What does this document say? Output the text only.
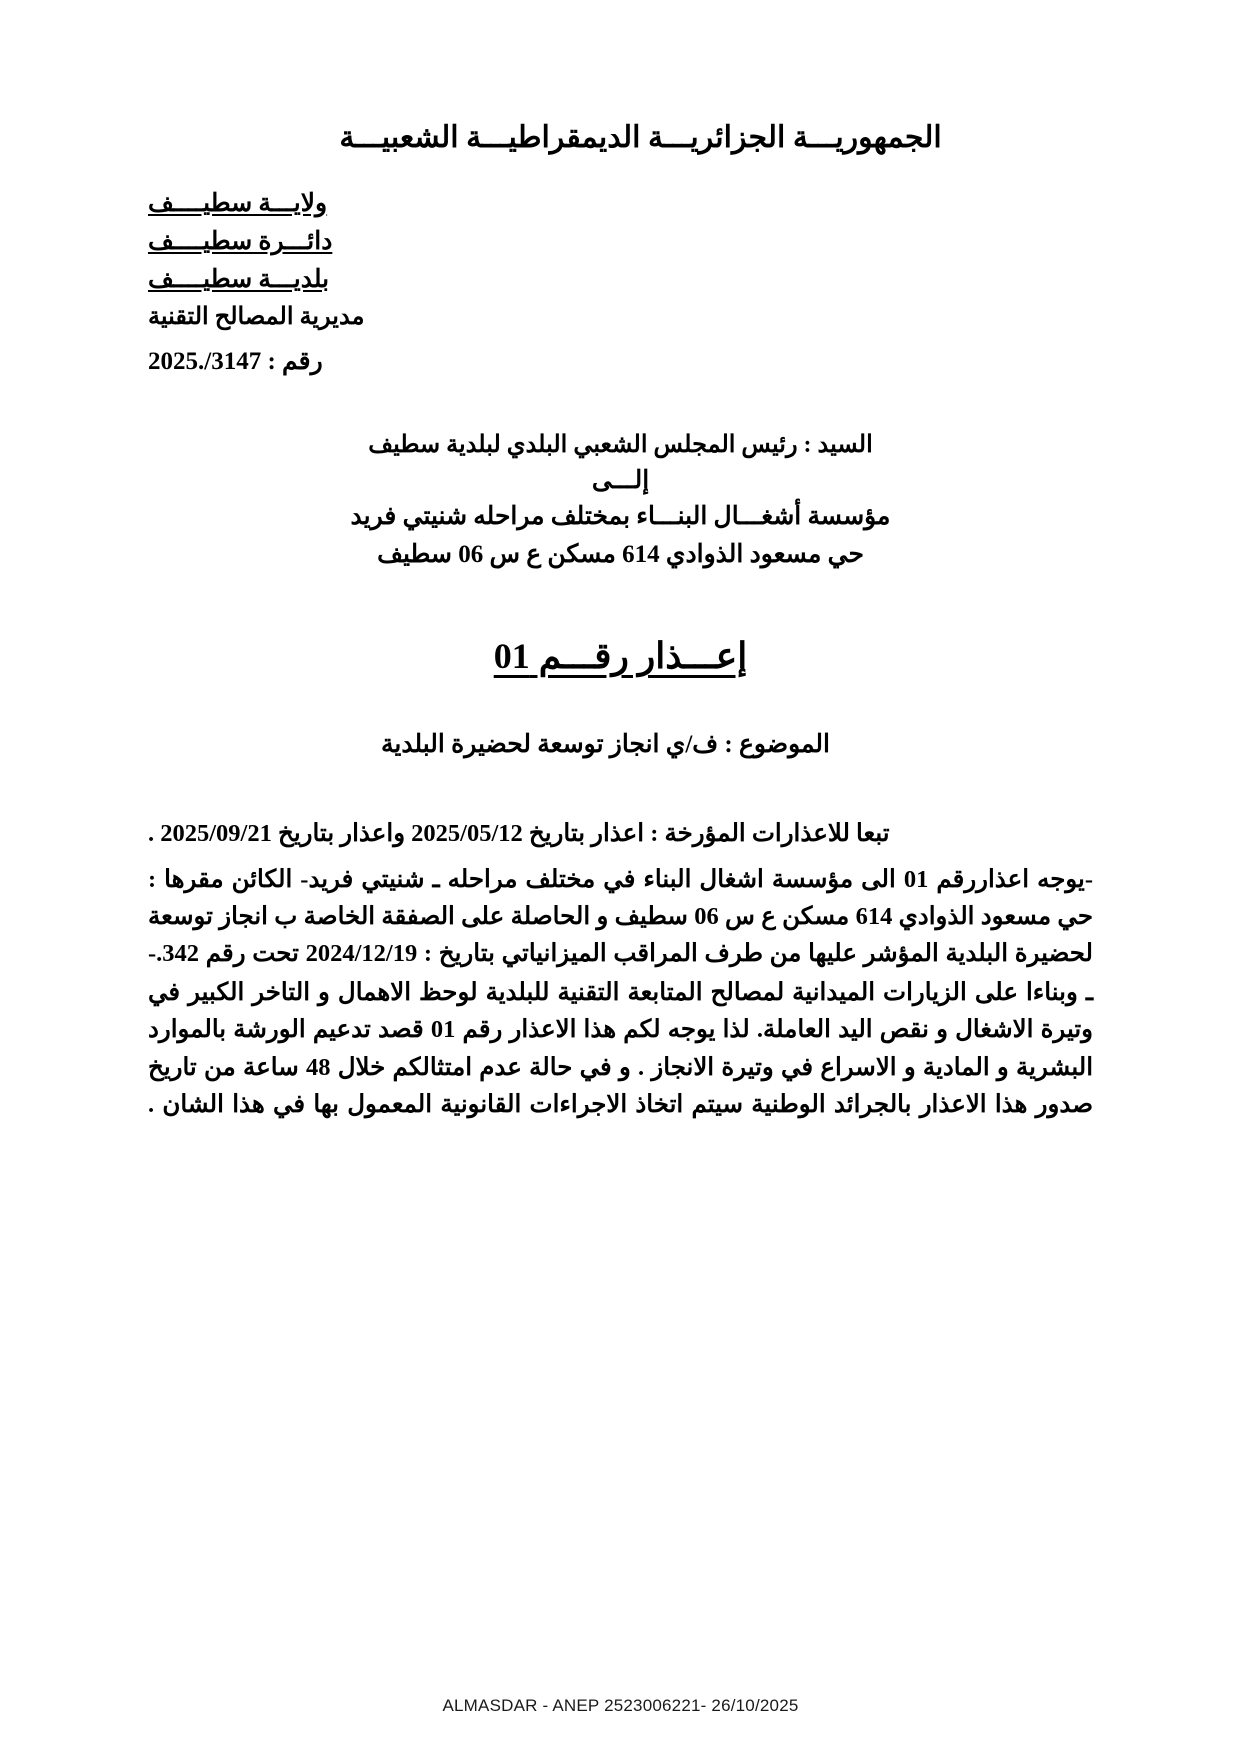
الجمهوريـــة الجزائريـــة الديمقراطيـــة الشعبيـــة
ولايـــة سطيــــف
دائـــرة سطيــــف
بلديـــة سطيــــف
مديرية المصالح التقنية
رقم : 3147/.2025
السيد : رئيس المجلس الشعبي البلدي لبلدية سطيف
إلـــى
مؤسسة أشغـــال البنـــاء بمختلف مراحله شنيتي فريد
حي مسعود الذوادي 614 مسكن ع س 06 سطيف
إعـــذار رقـــم 01
الموضوع : ف/ي انجاز توسعة لحضيرة البلدية

تبعا للاعذارات المؤرخة : اعذار بتاريخ 2025/05/12 واعذار بتاريخ 2025/09/21 .

-يوجه اعذاررقم 01 الى مؤسسة اشغال البناء في مختلف مراحله ـ شنيتي فريد- الكائن مقرها : حي مسعود الذوادي 614 مسكن ع س 06 سطيف و الحاصلة على الصفقة الخاصة ب انجاز توسعة لحضيرة البلدية المؤشر عليها من طرف المراقب الميزانياتي بتاريخ : 2024/12/19 تحت رقم 342.-

ـ وبناءا على الزيارات الميدانية لمصالح المتابعة التقنية للبلدية لوحظ الاهمال و التاخر الكبير في وتيرة الاشغال و نقص اليد العاملة. لذا يوجه لكم هذا الاعذار رقم 01 قصد تدعيم الورشة بالموارد البشرية و المادية و الاسراع في وتيرة الانجاز . و في حالة عدم امتثالكم خلال 48 ساعة من تاريخ صدور هذا الاعذار بالجرائد الوطنية سيتم اتخاذ الاجراءات القانونية المعمول بها في هذا الشان .

ALMASDAR - ANEP 2523006221- 26/10/2025
